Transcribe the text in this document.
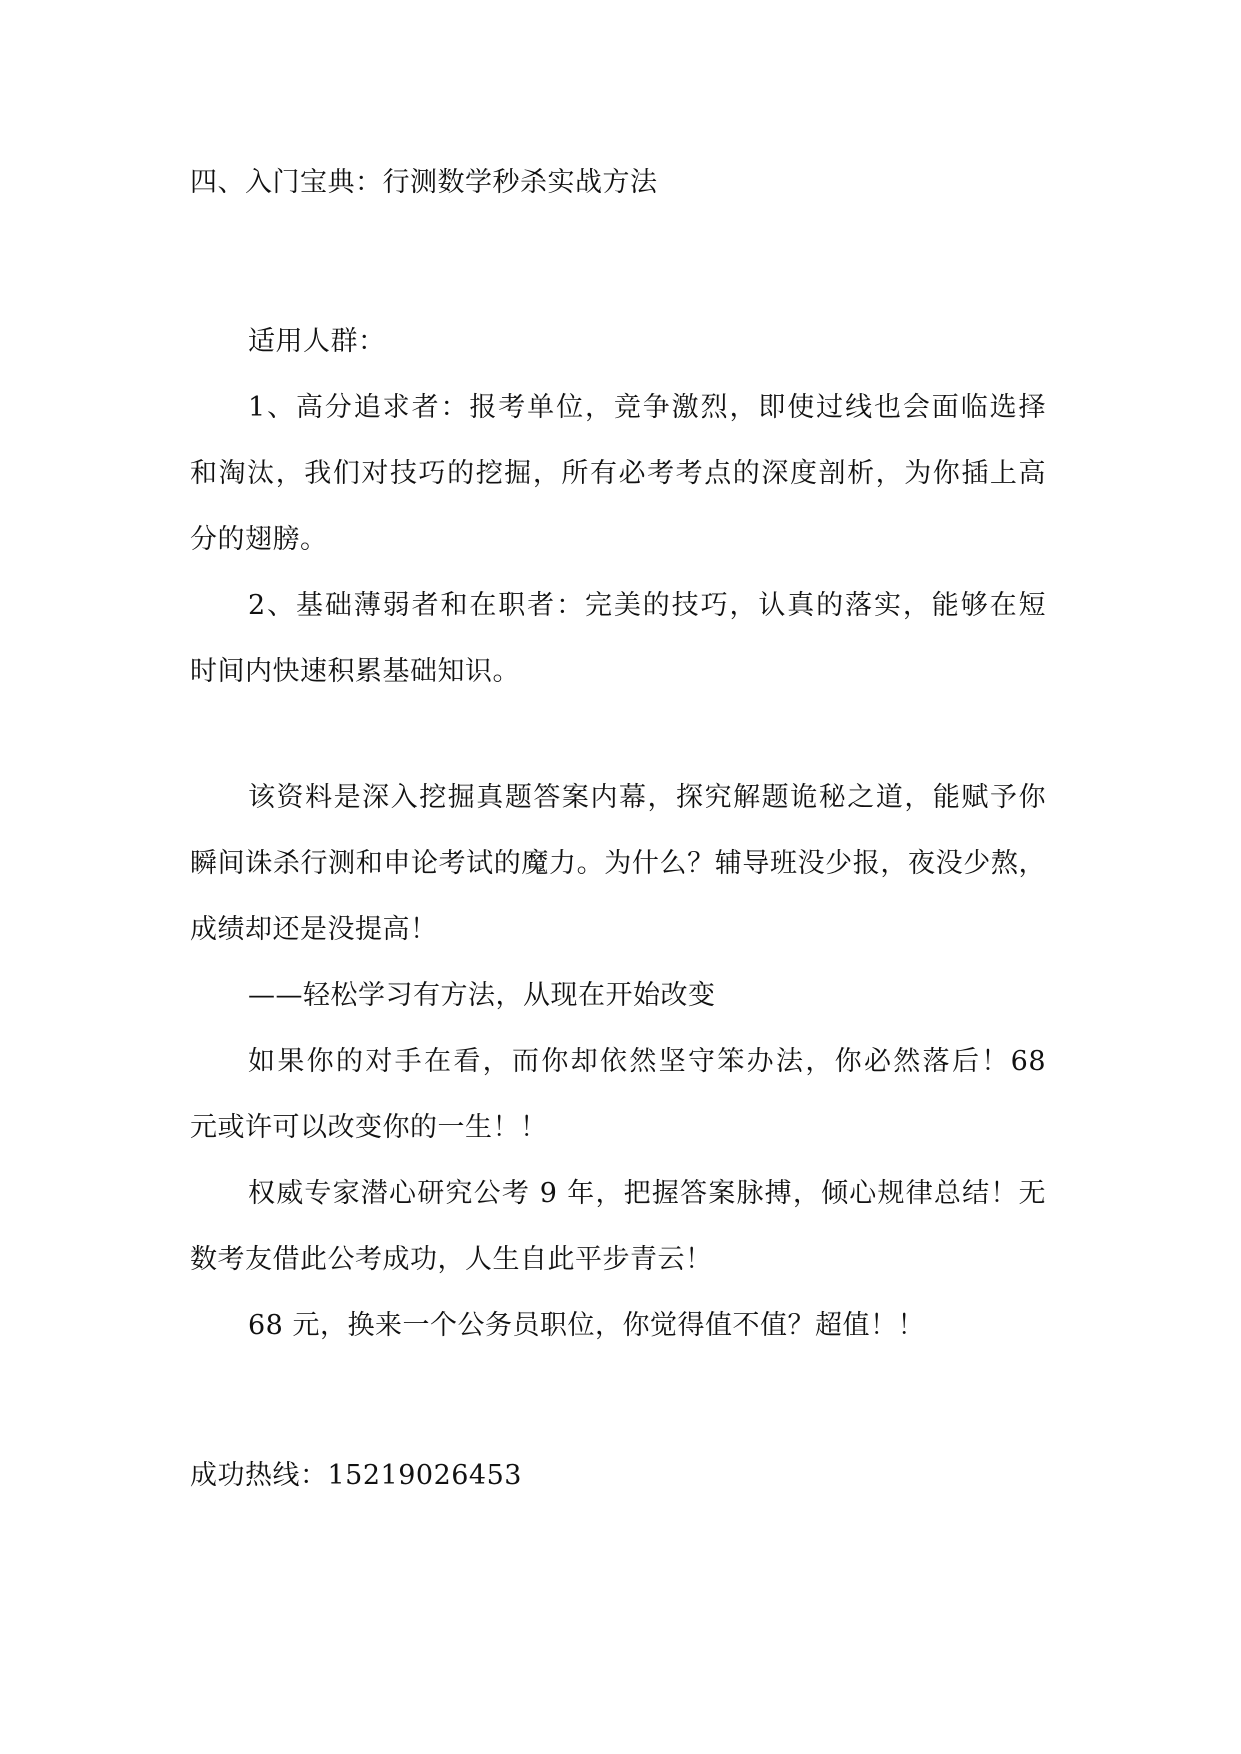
四、入门宝典：行测数学秒杀实战方法

适用人群：

1、高分追求者：报考单位，竞争激烈，即使过线也会面临选择

和淘汰，我们对技巧的挖掘，所有必考考点的深度剖析，为你插上高

分的翅膀。

2、基础薄弱者和在职者：完美的技巧，认真的落实，能够在短

时间内快速积累基础知识。

该资料是深入挖掘真题答案内幕，探究解题诡秘之道，能赋予你

瞬间诛杀行测和申论考试的魔力。为什么？辅导班没少报，夜没少熬，

成绩却还是没提高！

——轻松学习有方法，从现在开始改变

如果你的对手在看，而你却依然坚守笨办法，你必然落后！68

元或许可以改变你的一生！！

权威专家潜心研究公考 9 年，把握答案脉搏，倾心规律总结！无

数考友借此公考成功，人生自此平步青云！

68 元，换来一个公务员职位，你觉得值不值？超值！！

成功热线：15219026453
